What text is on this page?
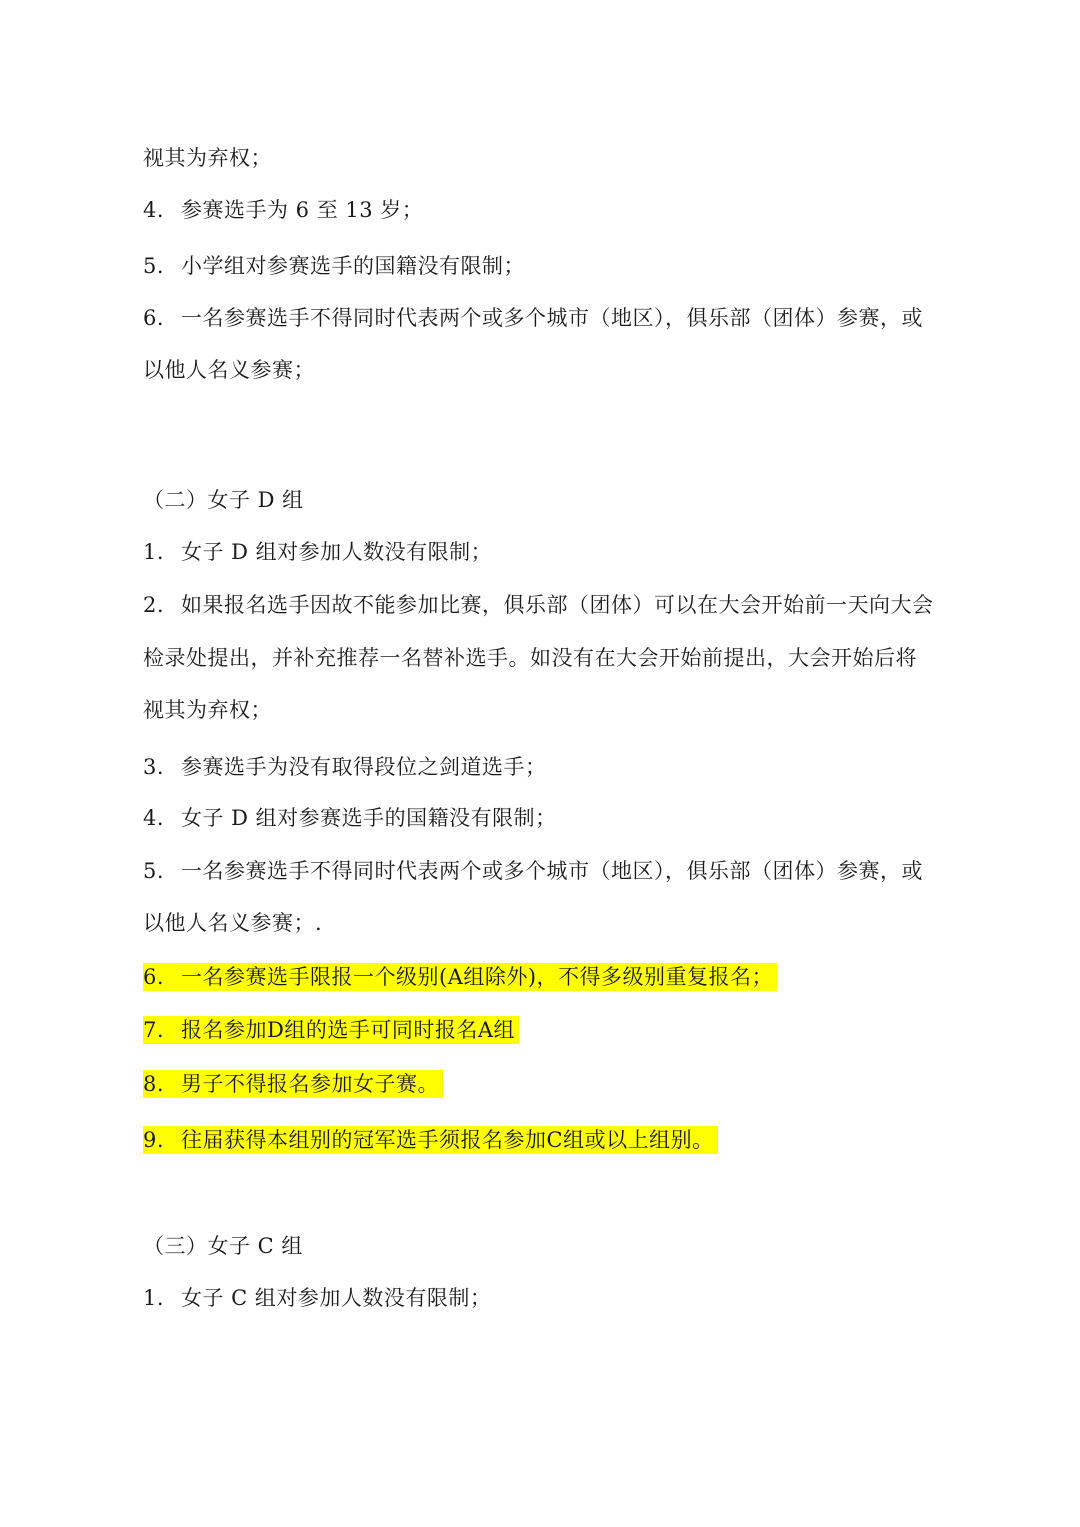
视其为弃权；
4. 参赛选手为 6 至 13 岁；
5. 小学组对参赛选手的国籍没有限制；
6. 一名参赛选手不得同时代表两个或多个城市（地区），俱乐部（团体）参赛，或
以他人名义参赛；
（二）女子 D 组
1. 女子 D 组对参加人数没有限制；
2. 如果报名选手因故不能参加比赛，俱乐部（团体）可以在大会开始前一天向大会
检录处提出，并补充推荐一名替补选手。如没有在大会开始前提出，大会开始后将
视其为弃权；
3. 参赛选手为没有取得段位之剑道选手；
4. 女子 D 组对参赛选手的国籍没有限制；
5. 一名参赛选手不得同时代表两个或多个城市（地区），俱乐部（团体）参赛，或
以他人名义参赛；.
6. 一名参赛选手限报一个级别(A组除外)，不得多级别重复报名；
7. 报名参加D组的选手可同时报名A组
8. 男子不得报名参加女子赛。
9. 往届获得本组别的冠军选手须报名参加C组或以上组别。
（三）女子 C 组
1. 女子 C 组对参加人数没有限制；
